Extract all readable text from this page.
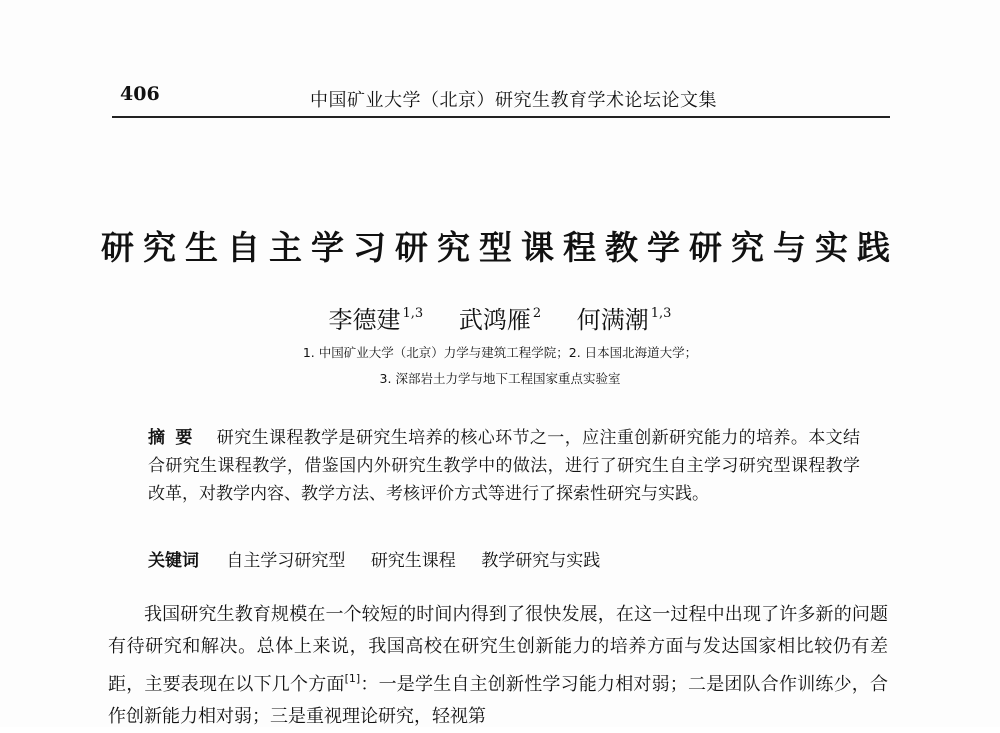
406	中国矿业大学（北京）研究生教育学术论坛论文集
研究生自主学习研究型课程教学研究与实践
李德建 $^{1,3}$ 武鸿雁 $^2$ 何满潮 $^{1,3}$
1. 中国矿业大学（北京）力学与建筑工程学院；2. 日本国北海道大学；
3. 深部岩土力学与地下工程国家重点实验室
摘要 研究生课程教学是研究生培养的核心环节之一，应注重创新研究能力的培养。本文结合研究生课程教学，借鉴国内外研究生教学中的做法，进行了研究生自主学习研究型课程教学改革，对教学内容、教学方法、考核评价方式等进行了探索性研究与实践。
关键词 自主学习研究型 研究生课程 教学研究与实践
我国研究生教育规模在一个较短的时间内得到了很快发展，在这一过程中出现了许多新的问题有待研究和解决。总体上来说，我国高校在研究生创新能力的培养方面与发达国家相比较仍有差距，主要表现在以下几个方面[1]：一是学生自主创新性学习能力相对弱；二是团队合作训练少，合作创新能力相对弱；三是重视理论研究，轻视第
